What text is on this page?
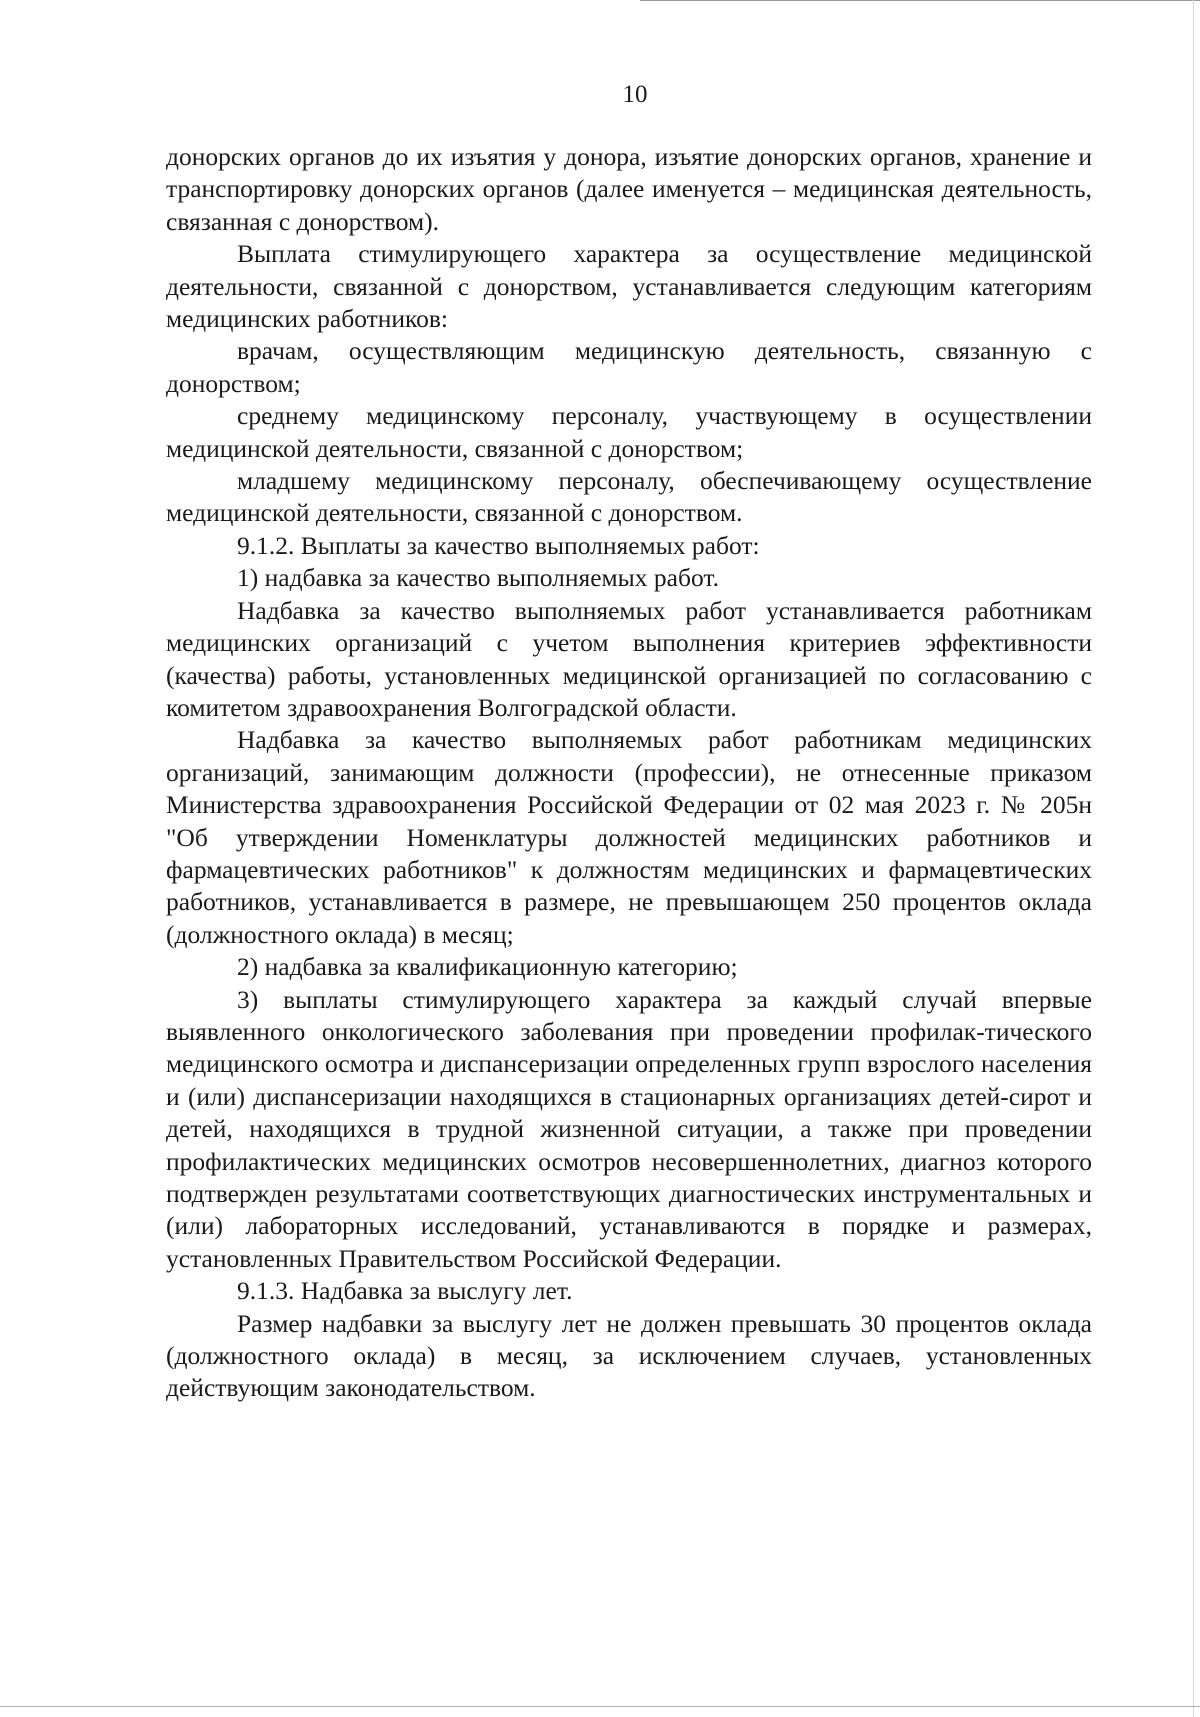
10

донорских органов до их изъятия у донора, изъятие донорских органов, хранение и транспортировку донорских органов (далее именуется – медицинская деятельность, связанная с донорством).

Выплата стимулирующего характера за осуществление медицинской деятельности, связанной с донорством, устанавливается следующим категориям медицинских работников:

врачам, осуществляющим медицинскую деятельность, связанную с донорством;

среднему медицинскому персоналу, участвующему в осуществлении медицинской деятельности, связанной с донорством;

младшему медицинскому персоналу, обеспечивающему осуществление медицинской деятельности, связанной с донорством.

9.1.2. Выплаты за качество выполняемых работ:

1) надбавка за качество выполняемых работ.

Надбавка за качество выполняемых работ устанавливается работникам медицинских организаций с учетом выполнения критериев эффективности (качества) работы, установленных медицинской организацией по согласованию с комитетом здравоохранения Волгоградской области.

Надбавка за качество выполняемых работ работникам медицинских организаций, занимающим должности (профессии), не отнесенные приказом Министерства здравоохранения Российской Федерации от 02 мая 2023 г. № 205н "Об утверждении Номенклатуры должностей медицинских работников и фармацевтических работников" к должностям медицинских и фармацевтических работников, устанавливается в размере, не превышающем 250 процентов оклада (должностного оклада) в месяц;

2) надбавка за квалификационную категорию;

3) выплаты стимулирующего характера за каждый случай впервые выявленного онкологического заболевания при проведении профилак-тического медицинского осмотра и диспансеризации определенных групп взрослого населения и (или) диспансеризации находящихся в стационарных организациях детей-сирот и детей, находящихся в трудной жизненной ситуации, а также при проведении профилактических медицинских осмотров несовершеннолетних, диагноз которого подтвержден результатами соответствующих диагностических инструментальных и (или) лабораторных исследований, устанавливаются в порядке и размерах, установленных Правительством Российской Федерации.

9.1.3. Надбавка за выслугу лет.

Размер надбавки за выслугу лет не должен превышать 30 процентов оклада (должностного оклада) в месяц, за исключением случаев, установленных действующим законодательством.
